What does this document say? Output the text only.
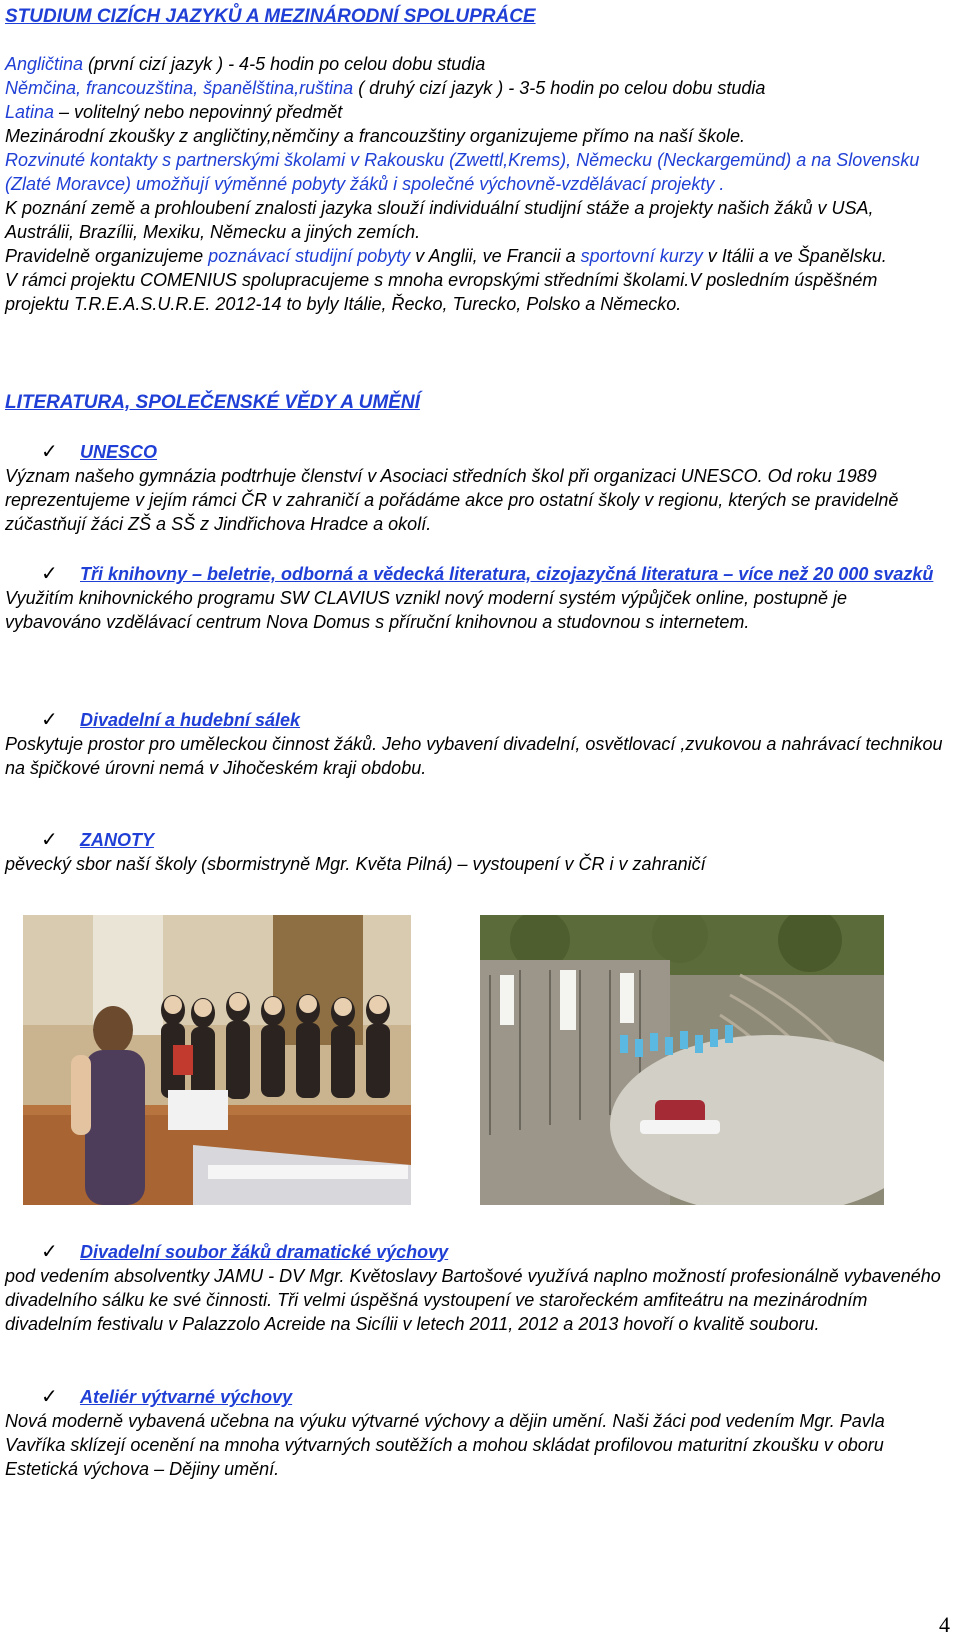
STUDIUM CIZÍCH JAZYKŮ A MEZINÁRODNÍ SPOLUPRÁCE

Angličtina (první cizí jazyk ) - 4-5 hodin po celou dobu studia

Němčina, francouzština, španělština,ruština ( druhý cizí jazyk ) - 3-5 hodin po celou dobu studia

Latina – volitelný nebo nepovinný předmět

Mezinárodní zkoušky z angličtiny,němčiny a francouzštiny organizujeme přímo na naší škole.

Rozvinuté kontakty s partnerskými školami v Rakousku (Zwettl,Krems), Německu (Neckargemünd) a na Slovensku (Zlaté Moravce) umožňují výměnné pobyty žáků i společné výchovně-vzdělávací projekty .

K poznání země a prohloubení znalosti jazyka slouží individuální studijní stáže a projekty našich žáků v USA, Austrálii, Brazílii, Mexiku, Německu a jiných zemích.

Pravidelně organizujeme poznávací studijní pobyty v Anglii, ve Francii a sportovní kurzy v Itálii a ve Španělsku.

V rámci projektu COMENIUS spolupracujeme s mnoha evropskými středními školami.V posledním úspěšném projektu T.R.E.A.S.U.R.E. 2012-14 to byly Itálie, Řecko, Turecko, Polsko a Německo.

LITERATURA, SPOLEČENSKÉ VĚDY A UMĚNÍ

✓ UNESCO

Význam našeho gymnázia podtrhuje členství v Asociaci středních škol při organizaci UNESCO. Od roku 1989 reprezentujeme v jejím rámci ČR v zahraničí a pořádáme akce pro ostatní školy v regionu, kterých se pravidelně zúčastňují žáci ZŠ a SŠ z Jindřichova Hradce a okolí.

✓ Tři knihovny – beletrie, odborná a vědecká literatura, cizojazyčná literatura – více než 20 000 svazků

Využitím knihovnického programu SW CLAVIUS vznikl nový moderní systém výpůjček online, postupně je vybavováno vzdělávací centrum Nova Domus s příruční knihovnou a studovnou s internetem.

✓ Divadelní a hudební sálek

Poskytuje prostor pro uměleckou činnost žáků. Jeho vybavení divadelní, osvětlovací ,zvukovou a nahrávací technikou na špičkové úrovni nemá v Jihočeském kraji obdobu.

✓ ZANOTY

pěvecký sbor naší školy (sbormistryně Mgr. Květa Pilná) – vystoupení v ČR i v zahraničí

✓ Divadelní soubor žáků dramatické výchovy

pod vedením absolventky JAMU - DV Mgr. Květoslavy Bartošové využívá naplno možností profesionálně vybaveného divadelního sálku ke své činnosti. Tři velmi úspěšná vystoupení ve starořeckém amfiteátru na mezinárodním divadelním festivalu v Palazzolo Acreide na Sicílii v letech 2011, 2012 a 2013 hovoří o kvalitě souboru.

✓ Ateliér výtvarné výchovy

Nová moderně vybavená učebna na výuku výtvarné výchovy a dějin umění. Naši žáci pod vedením Mgr. Pavla Vavříka sklízejí ocenění na mnoha výtvarných soutěžích a mohou skládat profilovou maturitní zkoušku v oboru Estetická výchova – Dějiny umění.

4
